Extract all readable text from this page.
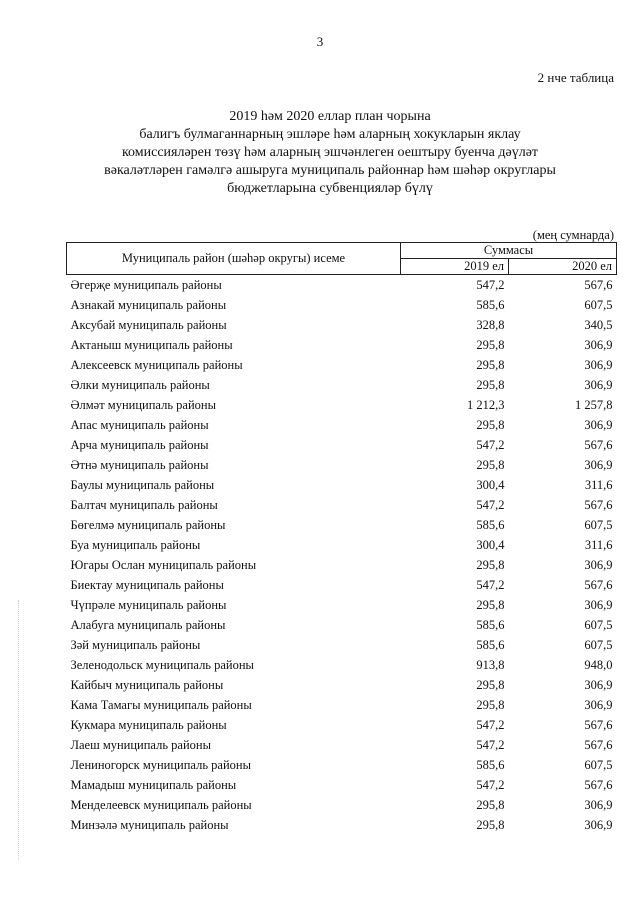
3
2 нче таблица
2019 һәм 2020 еллар план чорына
балигъ булмаганнарның эшләре һәм аларның хокукларын яклау
комиссияләрен төзү һәм аларның эшчәнлеген оештыру буенча дәүләт
вәкаләтләрен гамәлгә ашыруга муниципаль районнар һәм шәһәр округлары
бюджетларына субвенцияләр бүлү
(мең сумнарда)
Муниципаль район (шәһәр округы) исеме	Суммасы	
	2019 ел	2020 ел
Әгерҗе муниципаль районы	547,2	567,6
Азнакай муниципаль районы	585,6	607,5
Аксубай муниципаль районы	328,8	340,5
Актаныш муниципаль районы	295,8	306,9
Алексеевск муниципаль районы	295,8	306,9
Әлки муниципаль районы	295,8	306,9
Әлмәт муниципаль районы	1 212,3	1 257,8
Апас муниципаль районы	295,8	306,9
Арча муниципаль районы	547,2	567,6
Әтнә муниципаль районы	295,8	306,9
Баулы муниципаль районы	300,4	311,6
Балтач муниципаль районы	547,2	567,6
Бөгелмә муниципаль районы	585,6	607,5
Буа муниципаль районы	300,4	311,6
Югары Ослан муниципаль районы	295,8	306,9
Биектау муниципаль районы	547,2	567,6
Чүпрәле муниципаль районы	295,8	306,9
Алабуга муниципаль районы	585,6	607,5
Зәй муниципаль районы	585,6	607,5
Зеленодольск муниципаль районы	913,8	948,0
Кайбыч муниципаль районы	295,8	306,9
Кама Тамагы муниципаль районы	295,8	306,9
Кукмара муниципаль районы	547,2	567,6
Лаеш муниципаль районы	547,2	567,6
Лениногорск муниципаль районы	585,6	607,5
Мамадыш муниципаль районы	547,2	567,6
Менделеевск муниципаль районы	295,8	306,9
Минзәлә муниципаль районы	295,8	306,9
